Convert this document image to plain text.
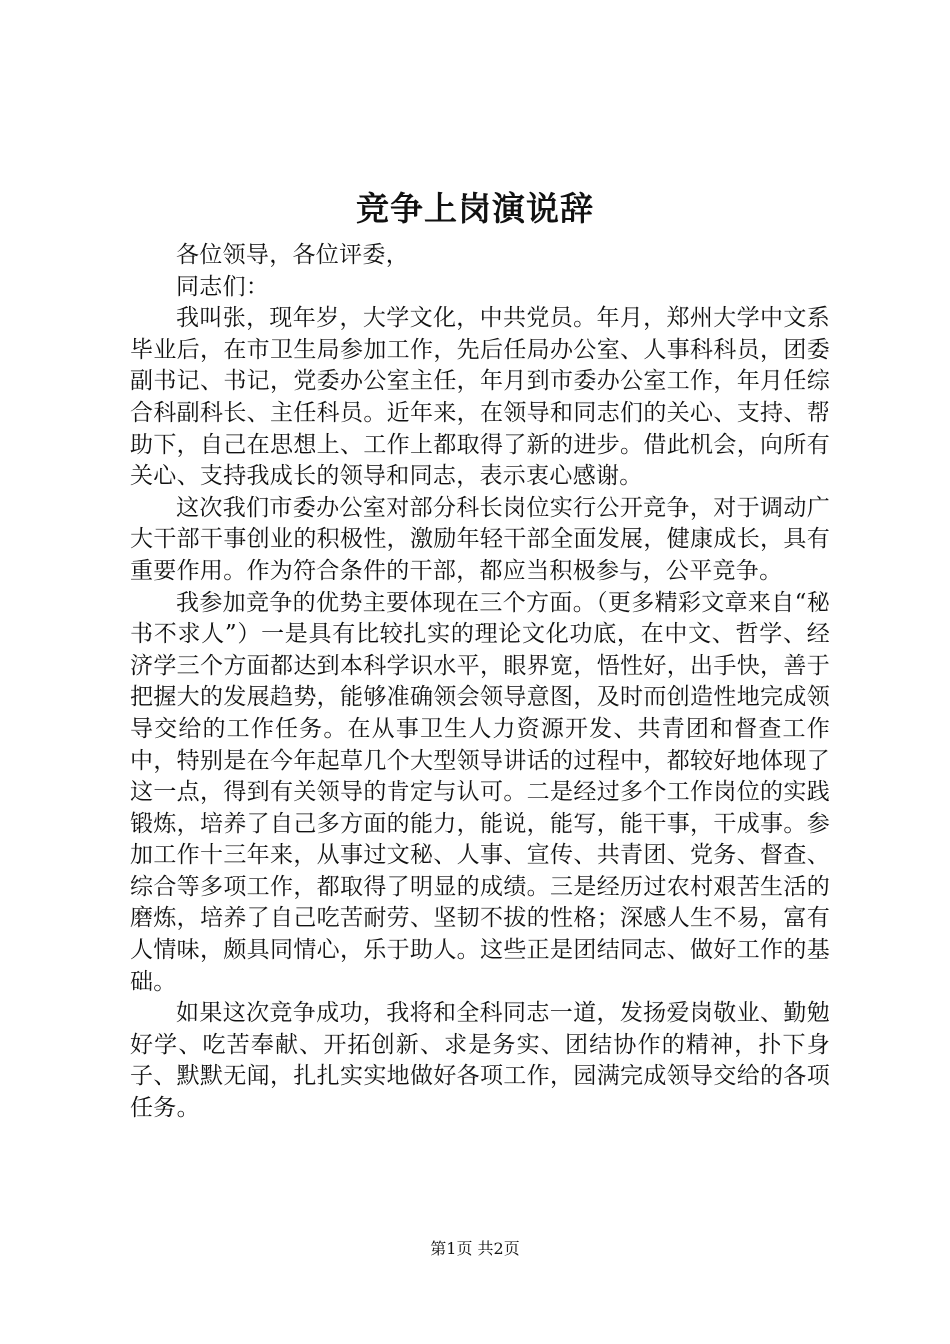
竞争上岗演说辞

各位领导，各位评委，

同志们：

我叫张，现年岁，大学文化，中共党员。年月，郑州大学中文系毕业后，在市卫生局参加工作，先后任局办公室、人事科科员，团委副书记、书记，党委办公室主任，年月到市委办公室工作，年月任综合科副科长、主任科员。近年来，在领导和同志们的关心、支持、帮助下，自己在思想上、工作上都取得了新的进步。借此机会，向所有关心、支持我成长的领导和同志，表示衷心感谢。

这次我们市委办公室对部分科长岗位实行公开竞争，对于调动广大干部干事创业的积极性，激励年轻干部全面发展，健康成长，具有重要作用。作为符合条件的干部，都应当积极参与，公平竞争。

我参加竞争的优势主要体现在三个方面。（更多精彩文章来自“秘书不求人”）一是具有比较扎实的理论文化功底，在中文、哲学、经济学三个方面都达到本科学识水平，眼界宽，悟性好，出手快，善于把握大的发展趋势，能够准确领会领导意图，及时而创造性地完成领导交给的工作任务。在从事卫生人力资源开发、共青团和督查工作中，特别是在今年起草几个大型领导讲话的过程中，都较好地体现了这一点，得到有关领导的肯定与认可。二是经过多个工作岗位的实践锻炼，培养了自己多方面的能力，能说，能写，能干事，干成事。参加工作十三年来，从事过文秘、人事、宣传、共青团、党务、督查、综合等多项工作，都取得了明显的成绩。三是经历过农村艰苦生活的磨炼，培养了自己吃苦耐劳、坚韧不拔的性格；深感人生不易，富有人情味，颇具同情心，乐于助人。这些正是团结同志、做好工作的基础。

如果这次竞争成功，我将和全科同志一道，发扬爱岗敬业、勤勉好学、吃苦奉献、开拓创新、求是务实、团结协作的精神，扑下身子、默默无闻，扎扎实实地做好各项工作，园满完成领导交给的各项任务。

第1页 共2页
